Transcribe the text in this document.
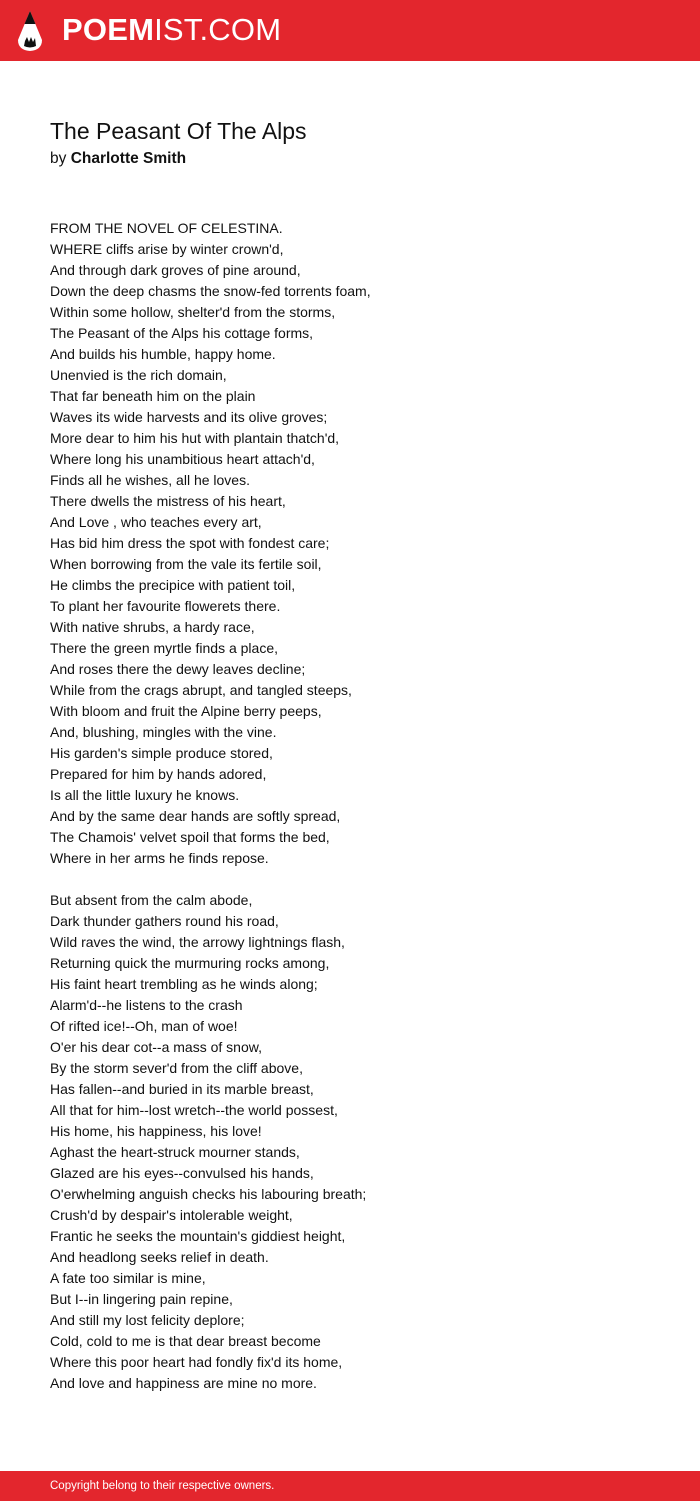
POEMIST.COM
The Peasant Of The Alps
by Charlotte Smith
FROM THE NOVEL OF CELESTINA.
WHERE cliffs arise by winter crown'd,
And through dark groves of pine around,
Down the deep chasms the snow-fed torrents foam,
Within some hollow, shelter'd from the storms,
The Peasant of the Alps his cottage forms,
And builds his humble, happy home.
Unenvied is the rich domain,
That far beneath him on the plain
Waves its wide harvests and its olive groves;
More dear to him his hut with plantain thatch'd,
Where long his unambitious heart attach'd,
Finds all he wishes, all he loves.
There dwells the mistress of his heart,
And Love , who teaches every art,
Has bid him dress the spot with fondest care;
When borrowing from the vale its fertile soil,
He climbs the precipice with patient toil,
To plant her favourite flowerets there.
With native shrubs, a hardy race,
There the green myrtle finds a place,
And roses there the dewy leaves decline;
While from the crags abrupt, and tangled steeps,
With bloom and fruit the Alpine berry peeps,
And, blushing, mingles with the vine.
His garden's simple produce stored,
Prepared for him by hands adored,
Is all the little luxury he knows.
And by the same dear hands are softly spread,
The Chamois' velvet spoil that forms the bed,
Where in her arms he finds repose.
But absent from the calm abode,
Dark thunder gathers round his road,
Wild raves the wind, the arrowy lightnings flash,
Returning quick the murmuring rocks among,
His faint heart trembling as he winds along;
Alarm'd--he listens to the crash
Of rifted ice!--Oh, man of woe!
O'er his dear cot--a mass of snow,
By the storm sever'd from the cliff above,
Has fallen--and buried in its marble breast,
All that for him--lost wretch--the world possest,
His home, his happiness, his love!
Aghast the heart-struck mourner stands,
Glazed are his eyes--convulsed his hands,
O'erwhelming anguish checks his labouring breath;
Crush'd by despair's intolerable weight,
Frantic he seeks the mountain's giddiest height,
And headlong seeks relief in death.
A fate too similar is mine,
But I--in lingering pain repine,
And still my lost felicity deplore;
Cold, cold to me is that dear breast become
Where this poor heart had fondly fix'd its home,
And love and happiness are mine no more.
Copyright belong to their respective owners.
